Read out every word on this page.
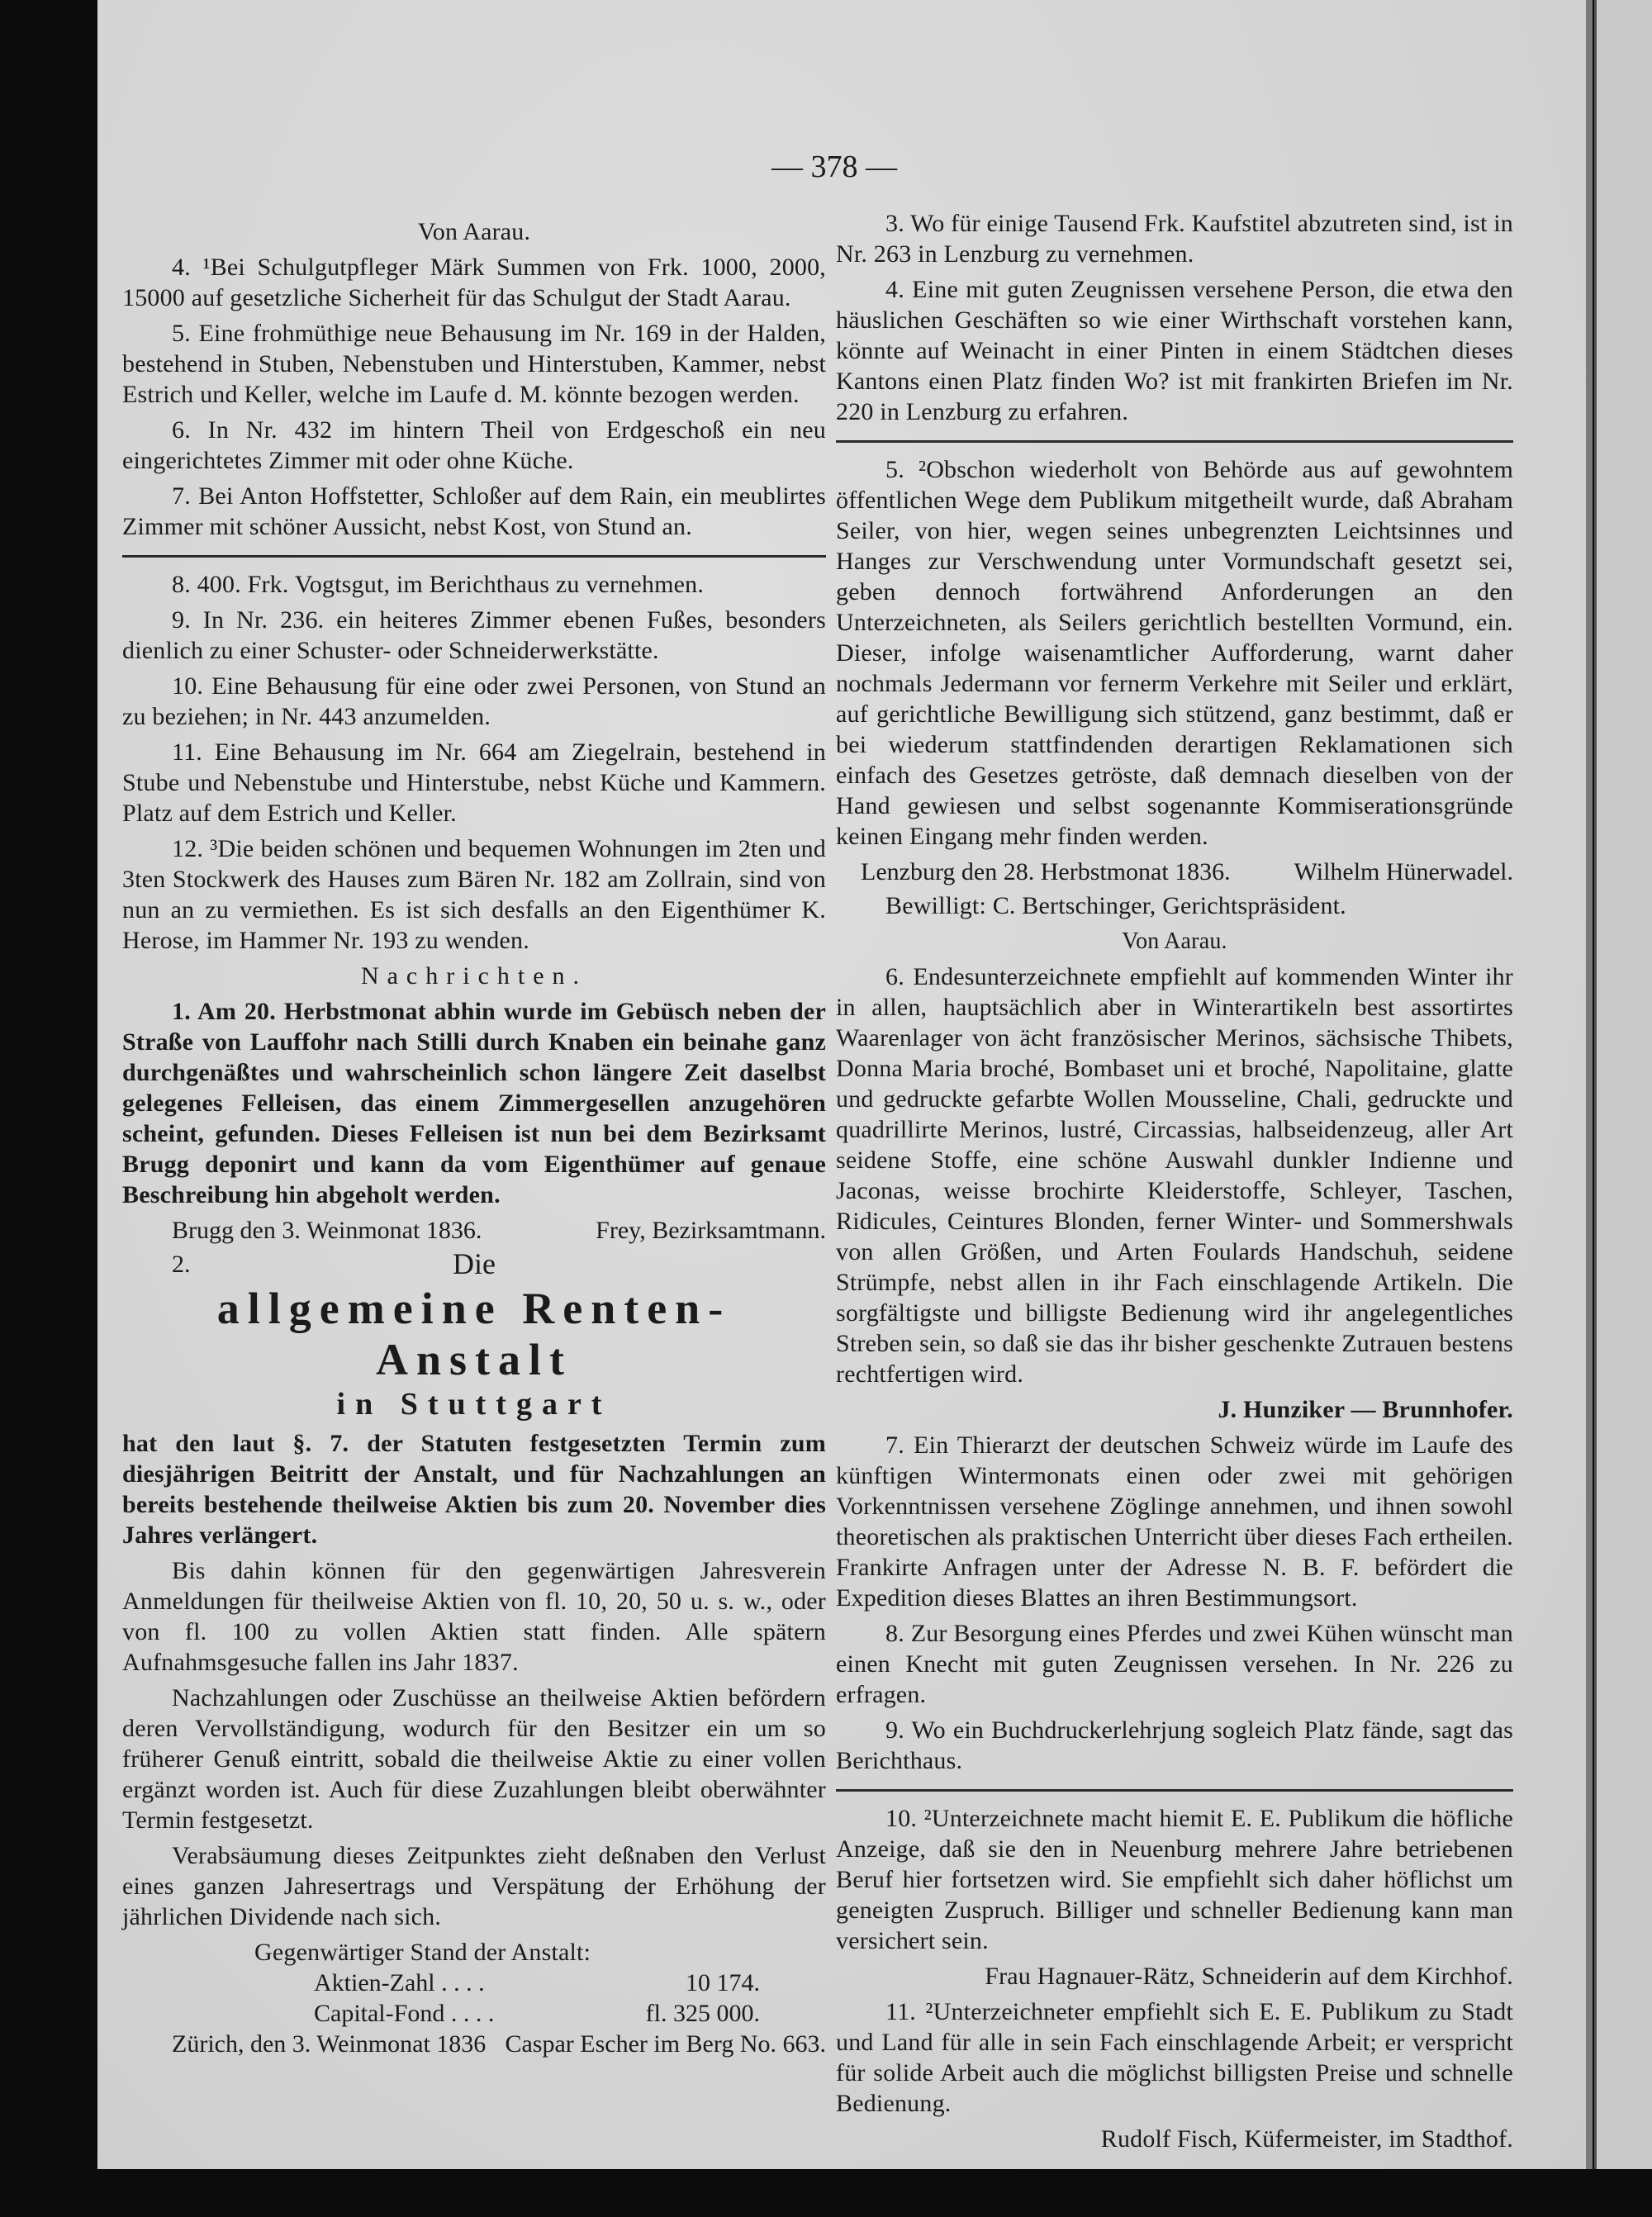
— 378 —
Von Aarau.
4. ¹Bei Schulgutpfleger Märk Summen von Frk. 1000, 2000, 15000 auf gesetzliche Sicherheit für das Schulgut der Stadt Aarau.
5. Eine frohmüthige neue Behausung im Nr. 169 in der Halden, bestehend in Stuben, Nebenstuben und Hinterstuben, Kammer, nebst Estrich und Keller, welche im Laufe d. M. könnte bezogen werden.
6. In Nr. 432 im hintern Theil von Erdgeschoß ein neu eingerichtetes Zimmer mit oder ohne Küche.
7. Bei Anton Hoffstetter, Schloßer auf dem Rain, ein meublirtes Zimmer mit schöner Aussicht, nebst Kost, von Stund an.
8. 400. Frk. Vogtsgut, im Berichthaus zu vernehmen.
9. In Nr. 236. ein heiteres Zimmer ebenen Fußes, besonders dienlich zu einer Schuster- oder Schneiderwerkstätte.
10. Eine Behausung für eine oder zwei Personen, von Stund an zu beziehen; in Nr. 443 anzumelden.
11. Eine Behausung im Nr. 664 am Ziegelrain, bestehend in Stube und Nebenstube und Hinterstube, nebst Küche und Kammern. Platz auf dem Estrich und Keller.
12. ³Die beiden schönen und bequemen Wohnungen im 2ten und 3ten Stockwerk des Hauses zum Bären Nr. 182 am Zollrain, sind von nun an zu vermiethen. Es ist sich desfalls an den Eigenthümer K. Herose, im Hammer Nr. 193 zu wenden.
Nachrichten.
1. Am 20. Herbstmonat abhin wurde im Gebüsch neben der Straße von Lauffohr nach Stilli durch Knaben ein beinahe ganz durchgenäßtes und wahrscheinlich schon längere Zeit daselbst gelegenes Felleisen, das einem Zimmergesellen anzugehören scheint, gefunden. Dieses Felleisen ist nun bei dem Bezirksamt Brugg deponirt und kann da vom Eigenthümer auf genaue Beschreibung hin abgeholt werden.
Brugg den 3. Weinmonat 1836.	Frey, Bezirksamtmann.
2.	Die
allgemeine Renten-Anstalt
in Stuttgart
hat den laut §. 7. der Statuten festgesetzten Termin zum diesjährigen Beitritt der Anstalt, und für Nachzahlungen an bereits bestehende theilweise Aktien bis zum 20. November dies Jahres verlängert.
Bis dahin können für den gegenwärtigen Jahresverein Anmeldungen für theilweise Aktien von fl. 10, 20, 50 u. s. w., oder von fl. 100 zu vollen Aktien statt finden. Alle spätern Aufnahmsgesuche fallen ins Jahr 1837.
Nachzahlungen oder Zuschüsse an theilweise Aktien befördern deren Vervollständigung, wodurch für den Besitzer ein um so früherer Genuß eintritt, sobald die theilweise Aktie zu einer vollen ergänzt worden ist. Auch für diese Zuzahlungen bleibt oberwähnter Termin festgesetzt.
Verabsäumung dieses Zeitpunktes zieht deßnaben den Verlust eines ganzen Jahresertrags und Verspätung der Erhöhung der jährlichen Dividende nach sich.
Gegenwärtiger Stand der Anstalt:
Aktien-Zahl . . . .	10 174.
Capital-Fond . . . .	fl. 325 000.
Zürich, den 3. Weinmonat 1836 Caspar Escher im Berg No. 663.
3. Wo für einige Tausend Frk. Kaufstitel abzutreten sind, ist in Nr. 263 in Lenzburg zu vernehmen.
4. Eine mit guten Zeugnissen versehene Person, die etwa den häuslichen Geschäften so wie einer Wirthschaft vorstehen kann, könnte auf Weinacht in einer Pinten in einem Städtchen dieses Kantons einen Platz finden Wo? ist mit frankirten Briefen im Nr. 220 in Lenzburg zu erfahren.
5. ²Obschon wiederholt von Behörde aus auf gewohntem öffentlichen Wege dem Publikum mitgetheilt wurde, daß Abraham Seiler, von hier, wegen seines unbegrenzten Leichtsinnes und Hanges zur Verschwendung unter Vormundschaft gesetzt sei, geben dennoch fortwährend Anforderungen an den Unterzeichneten, als Seilers gerichtlich bestellten Vormund, ein. Dieser, infolge waisenamtlicher Aufforderung, warnt daher nochmals Jedermann vor fernerm Verkehre mit Seiler und erklärt, auf gerichtliche Bewilligung sich stützend, ganz bestimmt, daß er bei wiederum stattfindenden derartigen Reklamationen sich einfach des Gesetzes getröste, daß demnach dieselben von der Hand gewiesen und selbst sogenannte Kommiserationsgründe keinen Eingang mehr finden werden.
Lenzburg den 28. Herbstmonat 1836.	Wilhelm Hünerwadel.
Bewilligt: C. Bertschinger, Gerichtspräsident.
Von Aarau.
6. Endesunterzeichnete empfiehlt auf kommenden Winter ihr in allen, hauptsächlich aber in Winterartikeln best assortirtes Waarenlager von ächt französischer Merinos, sächsische Thibets, Donna Maria broché, Bombaset uni et broché, Napolitaine, glatte und gedruckte gefarbte Wollen Mousseline, Chali, gedruckte und quadrillirte Merinos, lustré, Circassias, halbseidenzeug, aller Art seidene Stoffe, eine schöne Auswahl dunkler Indienne und Jaconas, weisse brochirte Kleiderstoffe, Schleyer, Taschen, Ridicules, Ceintures Blonden, ferner Winter- und Sommershwals von allen Größen, und Arten Foulards Handschuh, seidene Strümpfe, nebst allen in ihr Fach einschlagende Artikeln. Die sorgfältigste und billigste Bedienung wird ihr angelegentliches Streben sein, so daß sie das ihr bisher geschenkte Zutrauen bestens rechtfertigen wird.
J. Hunziker — Brunnhofer.
7. Ein Thierarzt der deutschen Schweiz würde im Laufe des künftigen Wintermonats einen oder zwei mit gehörigen Vorkenntnissen versehene Zöglinge annehmen, und ihnen sowohl theoretischen als praktischen Unterricht über dieses Fach ertheilen. Frankirte Anfragen unter der Adresse N. B. F. befördert die Expedition dieses Blattes an ihren Bestimmungsort.
8. Zur Besorgung eines Pferdes und zwei Kühen wünscht man einen Knecht mit guten Zeugnissen versehen. In Nr. 226 zu erfragen.
9. Wo ein Buchdruckerlehrjung sogleich Platz fände, sagt das Berichthaus.
10. ²Unterzeichnete macht hiemit E. E. Publikum die höfliche Anzeige, daß sie den in Neuenburg mehrere Jahre betriebenen Beruf hier fortsetzen wird. Sie empfiehlt sich daher höflichst um geneigten Zuspruch. Billiger und schneller Bedienung kann man versichert sein.
Frau Hagnauer-Rätz, Schneiderin auf dem Kirchhof.
11. ²Unterzeichneter empfiehlt sich E. E. Publikum zu Stadt und Land für alle in sein Fach einschlagende Arbeit; er verspricht für solide Arbeit auch die möglichst billigsten Preise und schnelle Bedienung.
Rudolf Fisch, Küfermeister, im Stadthof.
